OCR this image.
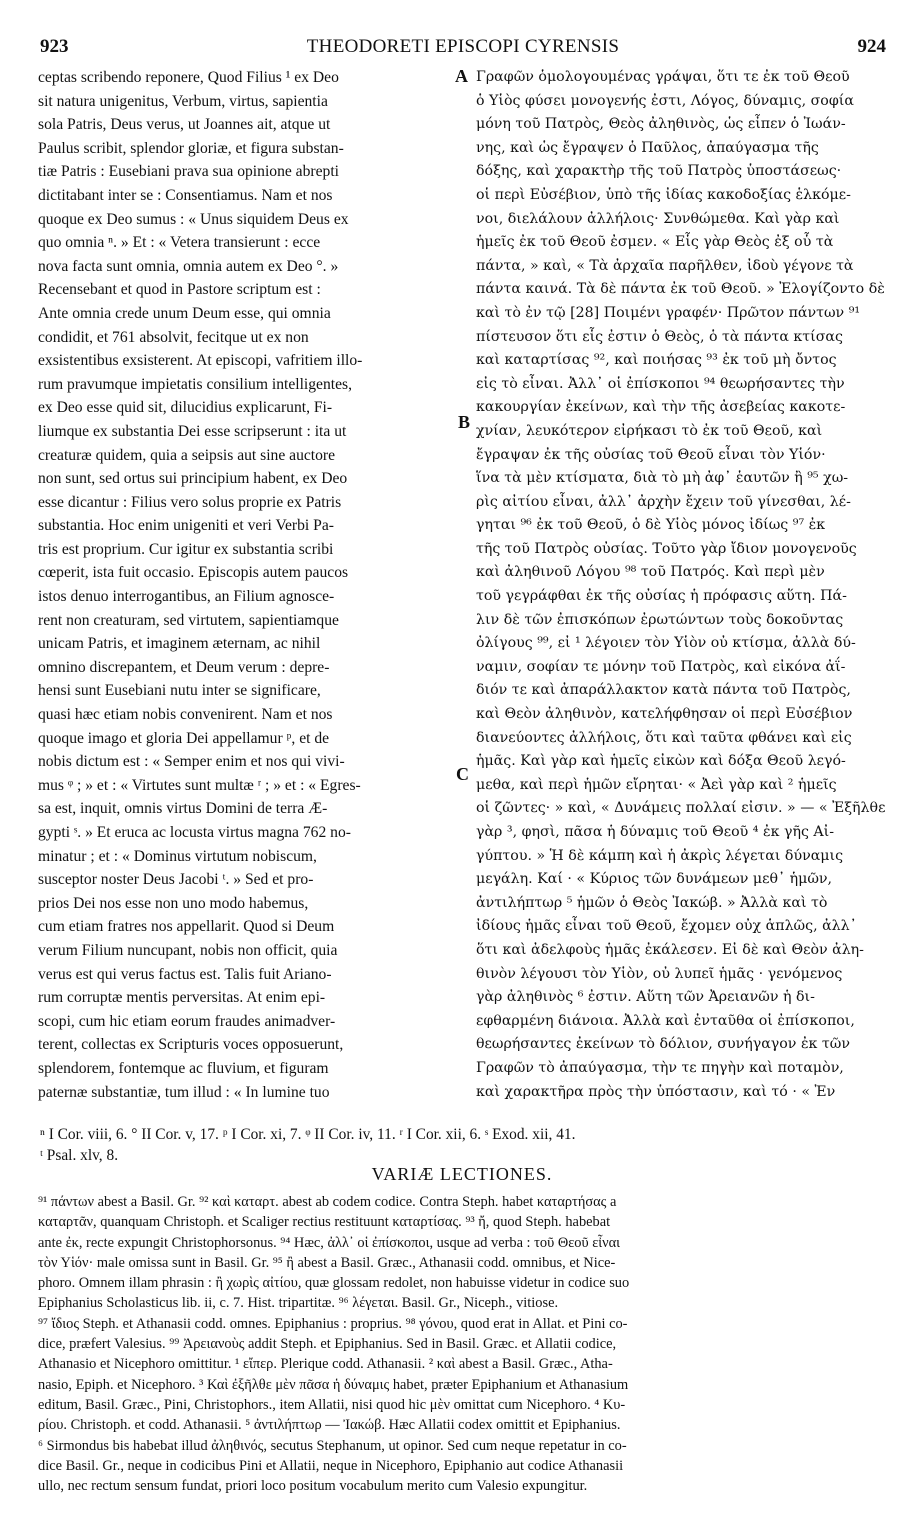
923	THEODORETI EPISCOPI CYRENSIS	924
ceptas scribendo reponere, Quod Filius ¹ ex Deo
sit natura unigenitus, Verbum, virtus, sapientia
sola Patris, Deus verus, ut Joannes ait, atque ut
Paulus scribit, splendor gloriæ, et figura substan-
tiæ Patris : Eusebiani prava sua opinione abrepti
dictitabant inter se : Consentiamus. Nam et nos
quoque ex Deo sumus : « Unus siquidem Deus ex
quo omnia ⁿ. » Et : « Vetera transierunt : ecce
nova facta sunt omnia, omnia autem ex Deo °. »
Recensebant et quod in Pastore scriptum est :
Ante omnia crede unum Deum esse, qui omnia
condidit, et 761 absolvit, fecitque ut ex non
exsistentibus exsisterent. At episcopi, vafritiem illo-
rum pravumque impietatis consilium intelligentes,
ex Deo esse quid sit, dilucidius explicarunt, Fi-
liumque ex substantia Dei esse scripserunt : ita ut
creaturæ quidem, quia a seipsis aut sine auctore
non sunt, sed ortus sui principium habent, ex Deo
esse dicantur : Filius vero solus proprie ex Patris
substantia. Hoc enim unigeniti et veri Verbi Pa-
tris est proprium. Cur igitur ex substantia scribi
cœperit, ista fuit occasio. Episcopis autem paucos
istos denuo interrogantibus, an Filium agnosce-
rent non creaturam, sed virtutem, sapientiamque
unicam Patris, et imaginem æternam, ac nihil
omnino discrepantem, et Deum verum : depre-
hensi sunt Eusebiani nutu inter se significare,
quasi hæc etiam nobis convenirent. Nam et nos
quoque imago et gloria Dei appellamur ᵖ, et de
nobis dictum est : « Semper enim et nos qui vivi-
mus ᵠ ; » et : « Virtutes sunt multæ ʳ ; » et : « Egres-
sa est, inquit, omnis virtus Domini de terra Æ-
gypti ˢ. » Et eruca ac locusta virtus magna 762 no-
minatur ; et : « Dominus virtutum nobiscum,
susceptor noster Deus Jacobi ᵗ. » Sed et pro-
prios Dei nos esse non uno modo habemus,
cum etiam fratres nos appellarit. Quod si Deum
verum Filium nuncupant, nobis non officit, quia
verus est qui verus factus est. Talis fuit Ariano-
rum corruptæ mentis perversitas. At enim epi-
scopi, cum hic etiam eorum fraudes animadver-
terent, collectas ex Scripturis voces opposuerunt,
splendorem, fontemque ac fluvium, et figuram
paternæ substantiæ, tum illud : « In lumine tuo
A
B
C
Γραφῶν ὁμολογουμένας γράψαι, ὅτι τε ἐκ τοῦ Θεοῦ
ὁ Υἱὸς φύσει μονογενής ἐστι, Λόγος, δύναμις, σοφία
μόνη τοῦ Πατρὸς, Θεὸς ἀληθινὸς, ὡς εἶπεν ὁ Ἰωάν-
νης, καὶ ὡς ἔγραψεν ὁ Παῦλος, ἀπαύγασμα τῆς
δόξης, καὶ χαρακτὴρ τῆς τοῦ Πατρὸς ὑποστάσεως·
οἱ περὶ Εὐσέβιον, ὑπὸ τῆς ἰδίας κακοδοξίας ἑλκόμε-
νοι, διελάλουν ἀλλήλοις· Συνθώμεθα. Καὶ γὰρ καὶ
ἡμεῖς ἐκ τοῦ Θεοῦ ἐσμεν. « Εἷς γὰρ Θεὸς ἐξ οὗ τὰ
πάντα, » καὶ, « Τὰ ἀρχαῖα παρῆλθεν, ἰδοὺ γέγονε τὰ
πάντα καινά. Τὰ δὲ πάντα ἐκ τοῦ Θεοῦ. » Ἐλογίζοντο δὲ
καὶ τὸ ἐν τῷ [28] Ποιμένι γραφέν· Πρῶτον πάντων ⁹¹
πίστευσον ὅτι εἷς ἐστιν ὁ Θεὸς, ὁ τὰ πάντα κτίσας
καὶ καταρτίσας ⁹², καὶ ποιήσας ⁹³ ἐκ τοῦ μὴ ὄντος
εἰς τὸ εἶναι. Ἀλλ᾽ οἱ ἐπίσκοποι ⁹⁴ θεωρήσαντες τὴν
κακουργίαν ἐκείνων, καὶ τὴν τῆς ἀσεβείας κακοτε-
χνίαν, λευκότερον εἰρήκασι τὸ ἐκ τοῦ Θεοῦ, καὶ
ἔγραψαν ἐκ τῆς οὐσίας τοῦ Θεοῦ εἶναι τὸν Υἱόν·
ἵνα τὰ μὲν κτίσματα, διὰ τὸ μὴ ἀφ᾽ ἑαυτῶν ἢ ⁹⁵ χω-
ρὶς αἰτίου εἶναι, ἀλλ᾽ ἀρχὴν ἔχειν τοῦ γίνεσθαι, λέ-
γηται ⁹⁶ ἐκ τοῦ Θεοῦ, ὁ δὲ Υἱὸς μόνος ἰδίως ⁹⁷ ἐκ
τῆς τοῦ Πατρὸς οὐσίας. Τοῦτο γὰρ ἴδιον μονογενοῦς
καὶ ἀληθινοῦ Λόγου ⁹⁸ τοῦ Πατρός. Καὶ περὶ μὲν
τοῦ γεγράφθαι ἐκ τῆς οὐσίας ἡ πρόφασις αὕτη. Πά-
λιν δὲ τῶν ἐπισκόπων ἐρωτώντων τοὺς δοκοῦντας
ὀλίγους ⁹⁹, εἰ ¹ λέγοιεν τὸν Υἱὸν οὐ κτίσμα, ἀλλὰ δύ-
ναμιν, σοφίαν τε μόνην τοῦ Πατρὸς, καὶ εἰκόνα ἀΐ-
διόν τε καὶ ἀπαράλλακτον κατὰ πάντα τοῦ Πατρὸς,
καὶ Θεὸν ἀληθινὸν, κατελήφθησαν οἱ περὶ Εὐσέβιον
διανεύοντες ἀλλήλοις, ὅτι καὶ ταῦτα φθάνει καὶ εἰς
ἡμᾶς. Καὶ γὰρ καὶ ἡμεῖς εἰκὼν καὶ δόξα Θεοῦ λεγό-
μεθα, καὶ περὶ ἡμῶν εἴρηται· « Ἀεὶ γὰρ καὶ ² ἡμεῖς
οἱ ζῶντες· » καὶ, « Δυνάμεις πολλαί εἰσιν. » — « Ἐξῆλθε
γὰρ ³, φησὶ, πᾶσα ἡ δύναμις τοῦ Θεοῦ ⁴ ἐκ γῆς Αἰ-
γύπτου. » Ἡ δὲ κάμπη καὶ ἡ ἀκρὶς λέγεται δύναμις
μεγάλη. Καί · « Κύριος τῶν δυνάμεων μεθ᾽ ἡμῶν,
ἀντιλήπτωρ ⁵ ἡμῶν ὁ Θεὸς Ἰακώβ. » Ἀλλὰ καὶ τὸ
ἰδίους ἡμᾶς εἶναι τοῦ Θεοῦ, ἔχομεν οὐχ ἁπλῶς, ἀλλ᾽
ὅτι καὶ ἀδελφοὺς ἡμᾶς ἐκάλεσεν. Εἰ δὲ καὶ Θεὸν ἀλη-
θινὸν λέγουσι τὸν Υἱὸν, οὐ λυπεῖ ἡμᾶς · γενόμενος
γὰρ ἀληθινὸς ⁶ ἐστιν. Αὕτη τῶν Ἀρειανῶν ἡ δι-
εφθαρμένη διάνοια. Ἀλλὰ καὶ ἐνταῦθα οἱ ἐπίσκοποι,
θεωρήσαντες ἐκείνων τὸ δόλιον, συνήγαγον ἐκ τῶν
Γραφῶν τὸ ἀπαύγασμα, τὴν τε πηγὴν καὶ ποταμὸν,
καὶ χαρακτῆρα πρὸς τὴν ὑπόστασιν, καὶ τό · « Ἐν
ⁿ I Cor. viii, 6. ° II Cor. v, 17. ᵖ I Cor. xi, 7. ᵠ II Cor. iv, 11. ʳ I Cor. xii, 6. ˢ Exod. xii, 41.
ᵗ Psal. xlv, 8.
VARIÆ LECTIONES.
⁹¹ πάντων abest a Basil. Gr. ⁹² καὶ καταρτ. abest ab codem codice. Contra Steph. habet καταρτήσας a
καταρτᾶν, quanquam Christoph. et Scaliger rectius restituunt καταρτίσας. ⁹³ ἤ, quod Steph. habebat
ante ἐκ, recte expungit Christophorsonus. ⁹⁴ Hæc, ἀλλ᾽ οἱ ἐπίσκοποι, usque ad verba : τοῦ Θεοῦ εἶναι
τὸν Υἱόν· male omissa sunt in Basil. Gr. ⁹⁵ ἢ abest a Basil. Græc., Athanasii codd. omnibus, et Nice-
phoro. Omnem illam phrasin : ἢ χωρὶς αἰτίου, quæ glossam redolet, non habuisse videtur in codice suo
Epiphanius Scholasticus lib. ii, c. 7. Hist. tripartitæ. ⁹⁶ λέγεται. Basil. Gr., Niceph., vitiose.
⁹⁷ ἴδιος Steph. et Athanasii codd. omnes. Epiphanius : proprius. ⁹⁸ γόνου, quod erat in Allat. et Pini co-
dice, præfert Valesius. ⁹⁹ Ἀρειανοὺς addit Steph. et Epiphanius. Sed in Basil. Græc. et Allatii codice,
Athanasio et Nicephoro omittitur. ¹ εἴπερ. Plerique codd. Athanasii. ² καὶ abest a Basil. Græc., Atha-
nasio, Epiph. et Nicephoro. ³ Καὶ ἐξῆλθε μὲν πᾶσα ἡ δύναμις habet, præter Epiphanium et Athanasium
editum, Basil. Græc., Pini, Christophors., item Allatii, nisi quod hic μὲν omittat cum Nicephoro. ⁴ Κυ-
ρίου. Christoph. et codd. Athanasii. ⁵ ἀντιλήπτωρ — Ἰακώβ. Hæc Allatii codex omittit et Epiphanius.
⁶ Sirmondus bis habebat illud ἀληθινός, secutus Stephanum, ut opinor. Sed cum neque repetatur in co-
dice Basil. Gr., neque in codicibus Pini et Allatii, neque in Nicephoro, Epiphanio aut codice Athanasii
ullo, nec rectum sensum fundat, priori loco positum vocabulum merito cum Valesio expungitur.
